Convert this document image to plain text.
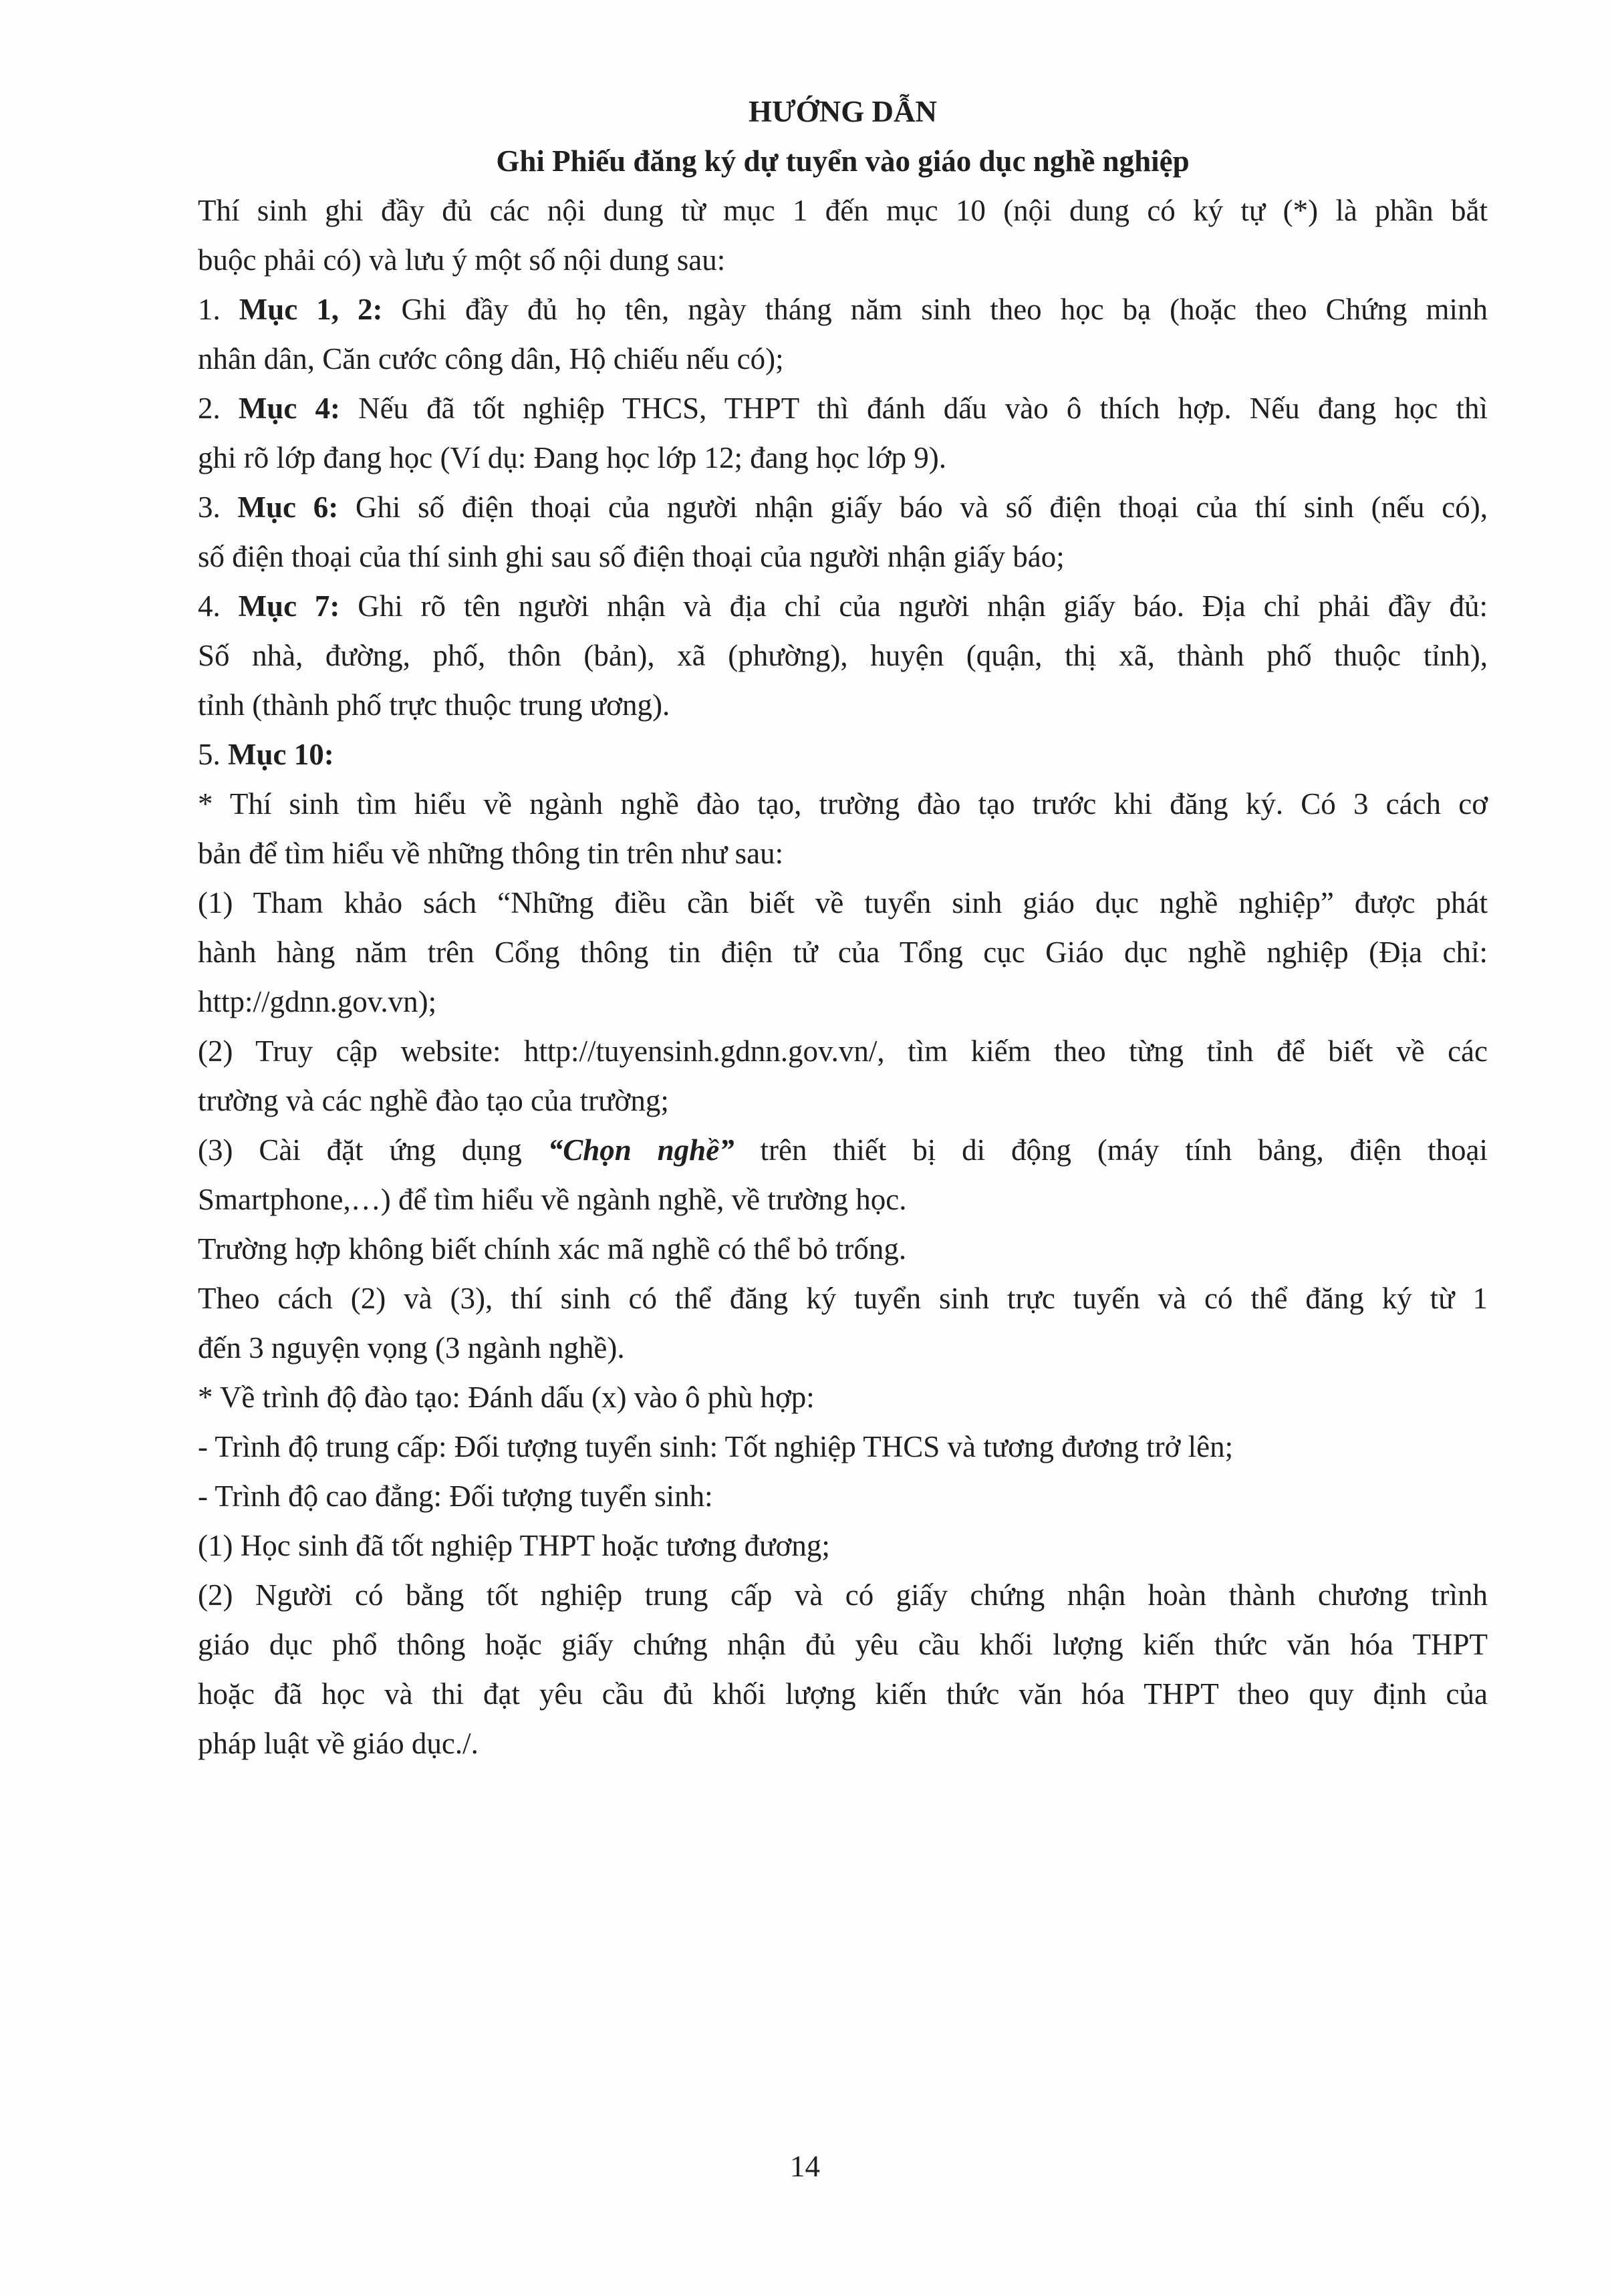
HƯỚNG DẪN

Ghi Phiếu đăng ký dự tuyển vào giáo dục nghề nghiệp

Thí sinh ghi đầy đủ các nội dung từ mục 1 đến mục 10 (nội dung có ký tự (*) là phần bắt

buộc phải có) và lưu ý một số nội dung sau:

1. Mục 1, 2: Ghi đầy đủ họ tên, ngày tháng năm sinh theo học bạ (hoặc theo Chứng minh

nhân dân, Căn cước công dân, Hộ chiếu nếu có);

2. Mục 4: Nếu đã tốt nghiệp THCS, THPT thì đánh dấu vào ô thích hợp. Nếu đang học thì

ghi rõ lớp đang học (Ví dụ: Đang học lớp 12; đang học lớp 9).

3. Mục 6: Ghi số điện thoại của người nhận giấy báo và số điện thoại của thí sinh (nếu có),

số điện thoại của thí sinh ghi sau số điện thoại của người nhận giấy báo;

4. Mục 7: Ghi rõ tên người nhận và địa chỉ của người nhận giấy báo. Địa chỉ phải đầy đủ:

Số nhà, đường, phố, thôn (bản), xã (phường), huyện (quận, thị xã, thành phố thuộc tỉnh),

tỉnh (thành phố trực thuộc trung ương).

5. Mục 10:

* Thí sinh tìm hiểu về ngành nghề đào tạo, trường đào tạo trước khi đăng ký. Có 3 cách cơ

bản để tìm hiểu về những thông tin trên như sau:

(1) Tham khảo sách “Những điều cần biết về tuyển sinh giáo dục nghề nghiệp” được phát

hành hàng năm trên Cổng thông tin điện tử của Tổng cục Giáo dục nghề nghiệp (Địa chỉ:

http://gdnn.gov.vn);

(2) Truy cập website: http://tuyensinh.gdnn.gov.vn/, tìm kiếm theo từng tỉnh để biết về các

trường và các nghề đào tạo của trường;

(3) Cài đặt ứng dụng “Chọn nghề” trên thiết bị di động (máy tính bảng, điện thoại

Smartphone,…) để tìm hiểu về ngành nghề, về trường học.

Trường hợp không biết chính xác mã nghề có thể bỏ trống.

Theo cách (2) và (3), thí sinh có thể đăng ký tuyển sinh trực tuyến và có thể đăng ký từ 1

đến 3 nguyện vọng (3 ngành nghề).

* Về trình độ đào tạo: Đánh dấu (x) vào ô phù hợp:

- Trình độ trung cấp: Đối tượng tuyển sinh: Tốt nghiệp THCS và tương đương trở lên;

- Trình độ cao đẳng: Đối tượng tuyển sinh:

(1) Học sinh đã tốt nghiệp THPT hoặc tương đương;

(2) Người có bằng tốt nghiệp trung cấp và có giấy chứng nhận hoàn thành chương trình

giáo dục phổ thông hoặc giấy chứng nhận đủ yêu cầu khối lượng kiến thức văn hóa THPT

hoặc đã học và thi đạt yêu cầu đủ khối lượng kiến thức văn hóa THPT theo quy định của

pháp luật về giáo dục./.

14
